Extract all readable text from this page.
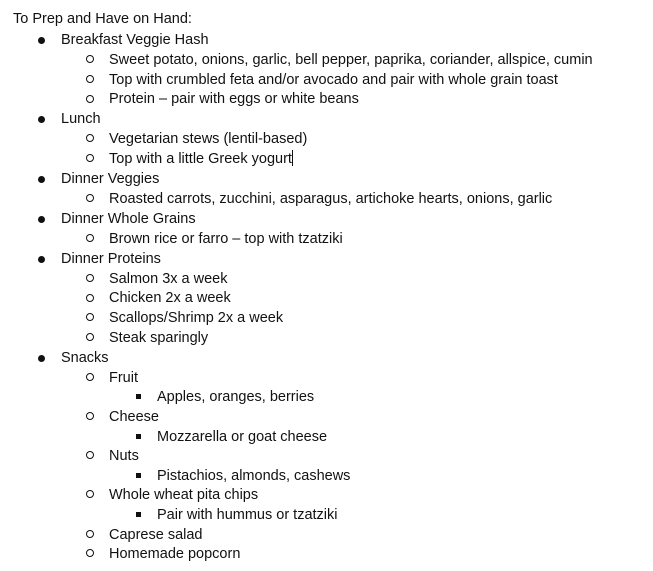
To Prep and Have on Hand:
Breakfast Veggie Hash
Sweet potato, onions, garlic, bell pepper, paprika, coriander, allspice, cumin
Top with crumbled feta and/or avocado and pair with whole grain toast
Protein – pair with eggs or white beans
Lunch
Vegetarian stews (lentil-based)
Top with a little Greek yogurt
Dinner Veggies
Roasted carrots, zucchini, asparagus, artichoke hearts, onions, garlic
Dinner Whole Grains
Brown rice or farro – top with tzatziki
Dinner Proteins
Salmon 3x a week
Chicken 2x a week
Scallops/Shrimp 2x a week
Steak sparingly
Snacks
Fruit
Apples, oranges, berries
Cheese
Mozzarella or goat cheese
Nuts
Pistachios, almonds, cashews
Whole wheat pita chips
Pair with hummus or tzatziki
Caprese salad
Homemade popcorn
